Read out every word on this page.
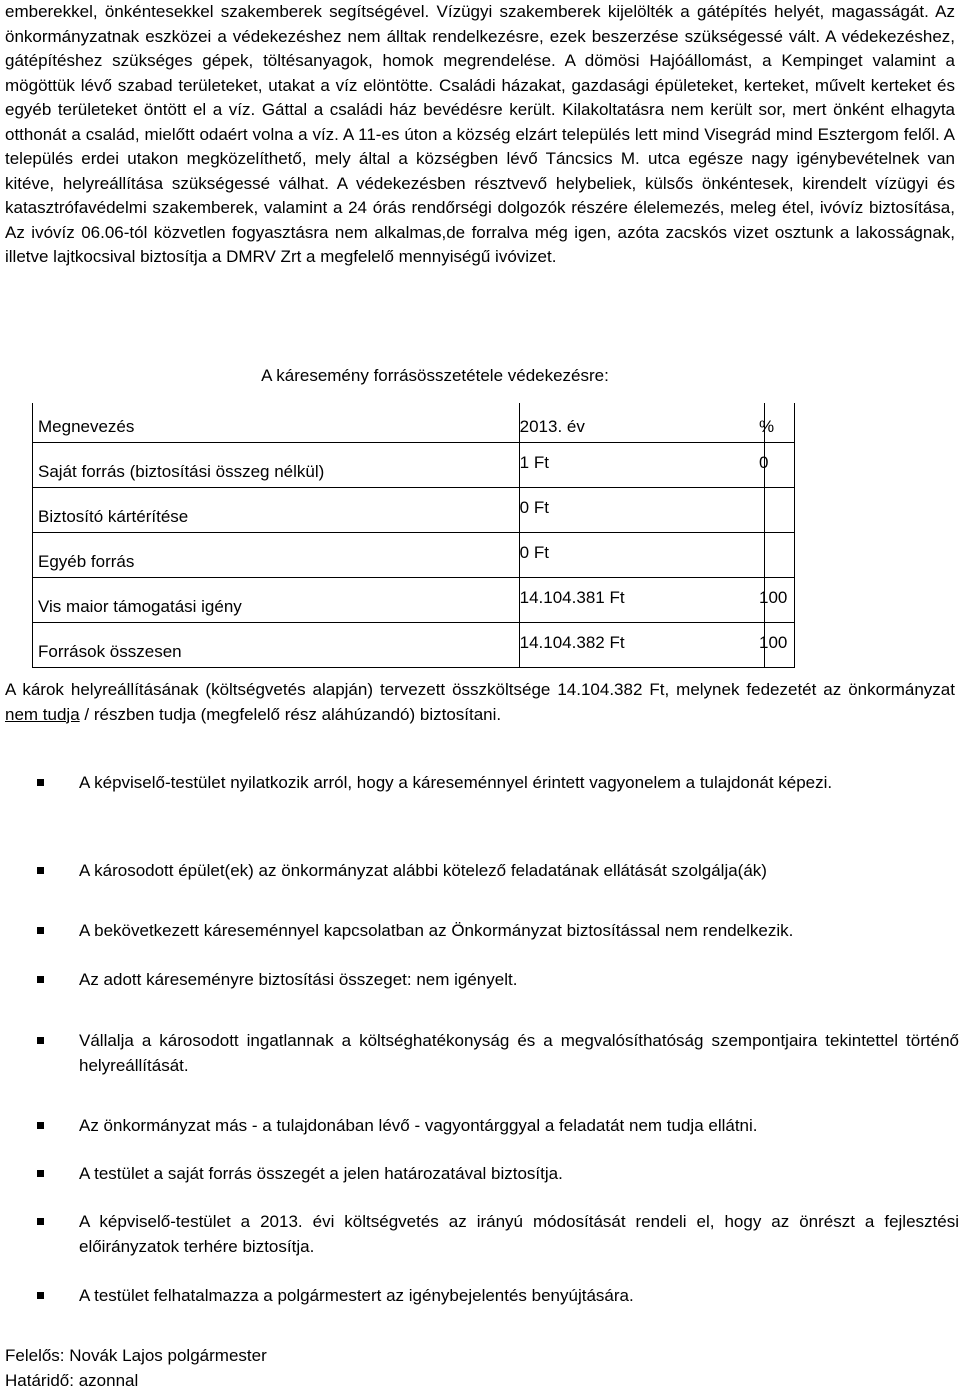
emberekkel, önkéntesekkel szakemberek segítségével. Vízügyi szakemberek kijelölték a gátépítés helyét, magasságát. Az önkormányzatnak eszközei a védekezéshez nem álltak rendelkezésre, ezek beszerzése szükségessé vált. A védekezéshez, gátépítéshez szükséges gépek, töltésanyagok, homok megrendelése. A dömösi Hajóállomást, a Kempinget valamint a mögöttük lévő szabad területeket, utakat a víz elöntötte. Családi házakat, gazdasági épületeket, kerteket, művelt kerteket és egyéb területeket öntött el a víz. Gáttal a családi ház bevédésre került. Kilakoltatásra nem került sor, mert önként elhagyta otthonát a család, mielőtt odaért volna a víz. A 11-es úton a község elzárt település lett mind Visegrád mind Esztergom felől. A település erdei utakon megközelíthető, mely által a községben lévő Táncsics M. utca egésze nagy igénybevételnek van kitéve, helyreállítása szükségessé válhat. A védekezésben résztvevő helybeliek, külsős önkéntesek, kirendelt vízügyi és katasztrófavédelmi szakemberek, valamint a 24 órás rendőrségi dolgozók részére élelemezés, meleg étel, ivóvíz biztosítása, Az ivóvíz 06.06-tól közvetlen fogyasztásra nem alkalmas,de forralva még igen, azóta zacskós vizet osztunk a lakosságnak, illetve lajtkocsival biztosítja a DMRV Zrt a megfelelő mennyiségű ivóvizet.

A káresemény forrásösszetétele védekezésre:

Megnevezés	2013. év	%
Saját forrás (biztosítási összeg nélkül)	1 Ft	0
Biztosító kártérítése	0 Ft	
Egyéb forrás	0 Ft	
Vis maior támogatási igény	14.104.381 Ft	100
Források összesen	14.104.382 Ft	100

A károk helyreállításának (költségvetés alapján) tervezett összköltsége 14.104.382 Ft, melynek fedezetét az önkormányzat nem tudja / részben tudja (megfelelő rész aláhúzandó) biztosítani.

A képviselő-testület nyilatkozik arról, hogy a káreseménnyel érintett vagyonelem a tulajdonát képezi.
A károsodott épület(ek) az önkormányzat alábbi kötelező feladatának ellátását szolgálja(ák)
A bekövetkezett káreseménnyel kapcsolatban az Önkormányzat biztosítással nem rendelkezik.
Az adott káreseményre biztosítási összeget: nem igényelt.
Vállalja a károsodott ingatlannak a költséghatékonyság és a megvalósíthatóság szempontjaira tekintettel történő helyreállítását.
Az önkormányzat más - a tulajdonában lévő - vagyontárggyal a feladatát nem tudja ellátni.
A testület a saját forrás összegét a jelen határozatával biztosítja.
A képviselő-testület a 2013. évi költségvetés az irányú módosítását rendeli el, hogy az önrészt a fejlesztési előirányzatok terhére biztosítja.
A testület felhatalmazza a polgármestert az igénybejelentés benyújtására.

Felelős: Novák Lajos polgármester

Határidő: azonnal
